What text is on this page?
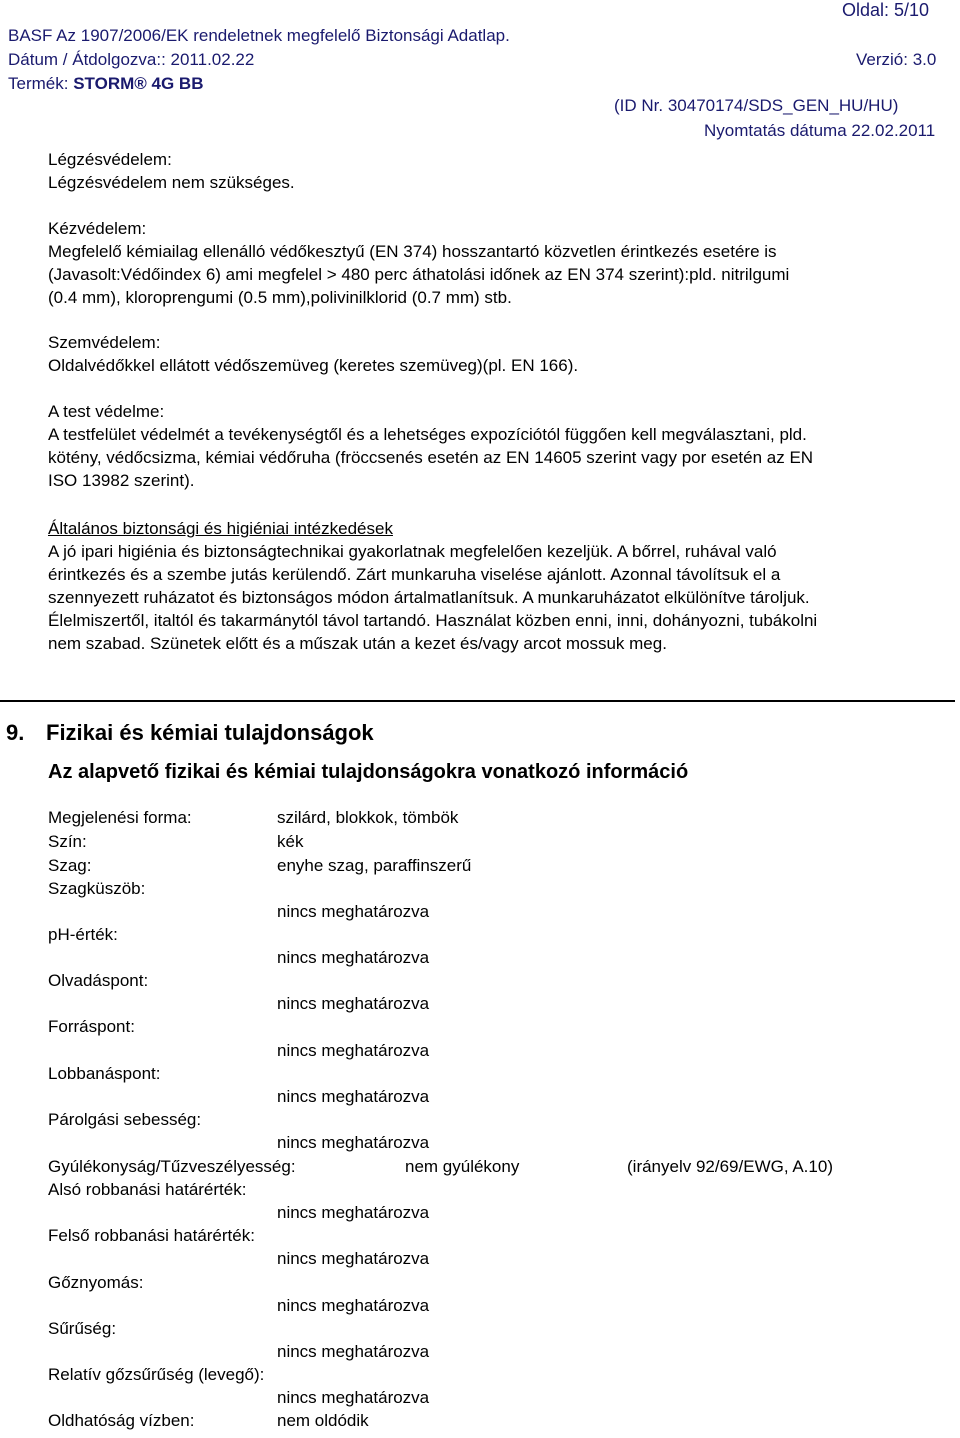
Oldal: 5/10
BASF Az 1907/2006/EK rendeletnek megfelelő Biztonsági Adatlap.
Dátum / Átdolgozva:: 2011.02.22	Verzió: 3.0
Termék: STORM® 4G BB
(ID Nr. 30470174/SDS_GEN_HU/HU)
Nyomtatás dátuma 22.02.2011

Légzésvédelem:

Légzésvédelem nem szükséges.

Kézvédelem:

Megfelelő kémiailag ellenálló védőkesztyű (EN 374) hosszantartó közvetlen érintkezés esetére is

(Javasolt:Védőindex 6) ami megfelel > 480 perc áthatolási időnek az EN 374 szerint):pld. nitrilgumi

(0.4 mm), kloroprengumi (0.5 mm),polivinilklorid (0.7 mm) stb.

Szemvédelem:

Oldalvédőkkel ellátott védőszemüveg (keretes szemüveg)(pl. EN 166).

A test védelme:

A testfelület védelmét a tevékenységtől és a lehetséges expozíciótól függően kell megválasztani, pld.

kötény, védőcsizma, kémiai védőruha (fröccsenés esetén az EN 14605 szerint vagy por esetén az EN

ISO 13982 szerint).

Általános biztonsági és higiéniai intézkedések

A jó ipari higiénia és biztonságtechnikai gyakorlatnak megfelelően kezeljük. A bőrrel, ruhával való

érintkezés és a szembe jutás kerülendő. Zárt munkaruha viselése ajánlott. Azonnal távolítsuk el a

szennyezett ruházatot és biztonságos módon ártalmatlanítsuk. A munkaruházatot elkülönítve tároljuk.

Élelmiszertől, italtól és takarmánytól távol tartandó. Használat közben enni, inni, dohányozni, tubákolni

nem szabad. Szünetek előtt és a műszak után a kezet és/vagy arcot mossuk meg.

9. Fizikai és kémiai tulajdonságok
Az alapvető fizikai és kémiai tulajdonságokra vonatkozó információ
Megjelenési forma:	szilárd, blokkok, tömbök
Szín:	kék
Szag:	enyhe szag, paraffinszerű
Szagküszöb:
nincs meghatározva
pH-érték:
nincs meghatározva
Olvadáspont:
nincs meghatározva
Forráspont:
nincs meghatározva
Lobbanáspont:
nincs meghatározva
Párolgási sebesség:
nincs meghatározva
Gyúlékonyság/Tűzveszélyesség:	nem gyúlékony	(irányelv 92/69/EWG, A.10)
Alsó robbanási határérték:
nincs meghatározva
Felső robbanási határérték:
nincs meghatározva
Gőznyomás:
nincs meghatározva
Sűrűség:
nincs meghatározva
Relatív gőzsűrűség (levegő):
nincs meghatározva
Oldhatóság vízben:	nem oldódik
